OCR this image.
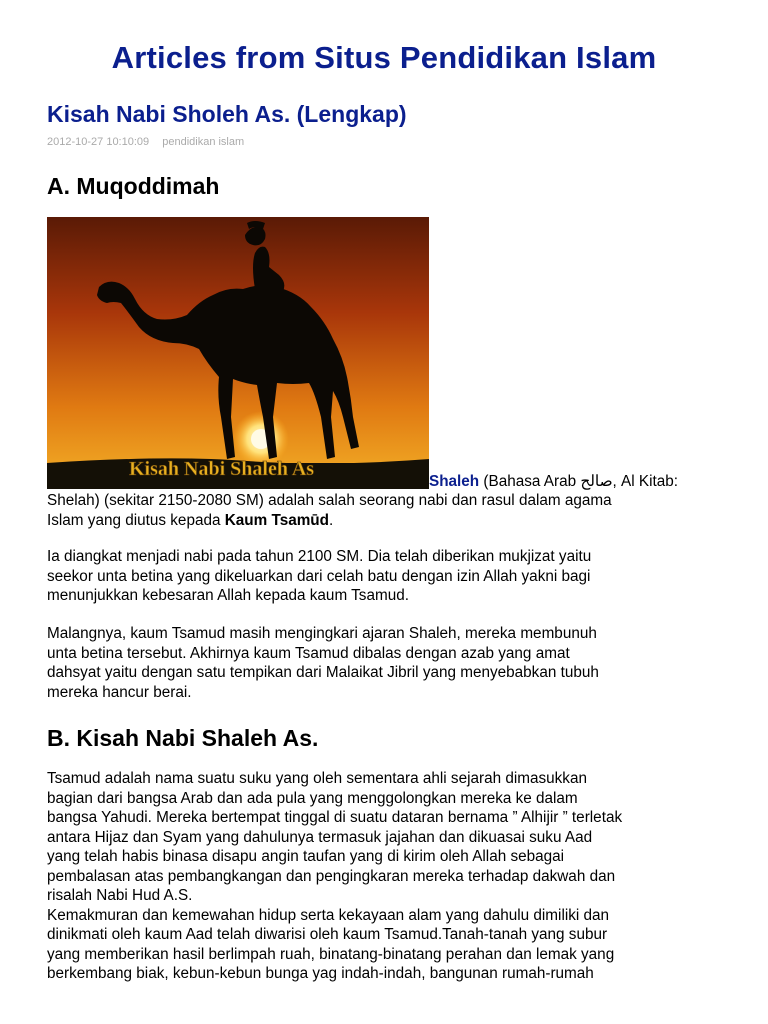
Articles from Situs Pendidikan Islam
Kisah Nabi Sholeh As. (Lengkap)
2012-10-27 10:10:09 pendidikan islam
A. Muqoddimah
Kisah Nabi Shaleh As
Shaleh (Bahasa Arab صالح, Al Kitab:

Shelah) (sekitar 2150-2080 SM) adalah salah seorang nabi dan rasul dalam agama

Islam yang diutus kepada Kaum Tsamūd.

Ia diangkat menjadi nabi pada tahun 2100 SM. Dia telah diberikan mukjizat yaitu

seekor unta betina yang dikeluarkan dari celah batu dengan izin Allah yakni bagi

menunjukkan kebesaran Allah kepada kaum Tsamud.

Malangnya, kaum Tsamud masih mengingkari ajaran Shaleh, mereka membunuh

unta betina tersebut. Akhirnya kaum Tsamud dibalas dengan azab yang amat

dahsyat yaitu dengan satu tempikan dari Malaikat Jibril yang menyebabkan tubuh

mereka hancur berai.

B. Kisah Nabi Shaleh As.

Tsamud adalah nama suatu suku yang oleh sementara ahli sejarah dimasukkan

bagian dari bangsa Arab dan ada pula yang menggolongkan mereka ke dalam

bangsa Yahudi. Mereka bertempat tinggal di suatu dataran bernama ” Alhijir ” terletak

antara Hijaz dan Syam yang dahulunya termasuk jajahan dan dikuasai suku Aad

yang telah habis binasa disapu angin taufan yang di kirim oleh Allah sebagai

pembalasan atas pembangkangan dan pengingkaran mereka terhadap dakwah dan

risalah Nabi Hud A.S.

Kemakmuran dan kemewahan hidup serta kekayaan alam yang dahulu dimiliki dan

dinikmati oleh kaum Aad telah diwarisi oleh kaum Tsamud.Tanah-tanah yang subur

yang memberikan hasil berlimpah ruah, binatang-binatang perahan dan lemak yang

berkembang biak, kebun-kebun bunga yag indah-indah, bangunan rumah-rumah
